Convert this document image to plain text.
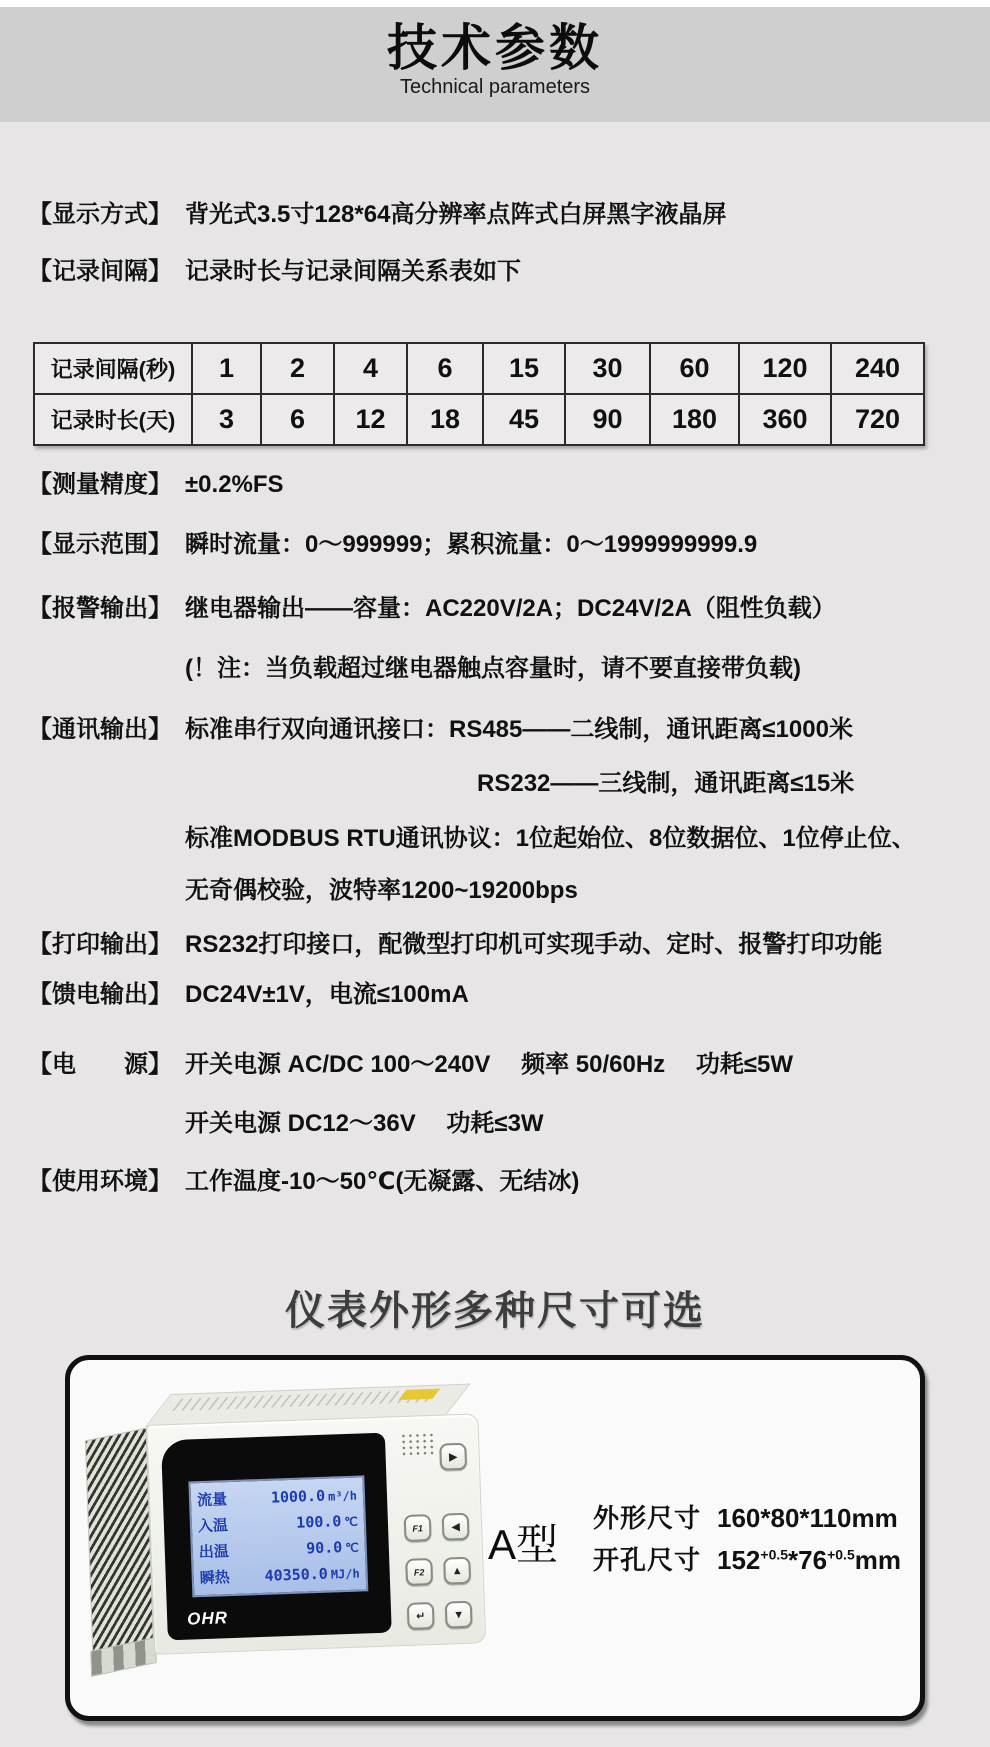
技术参数
Technical parameters
【显示方式】 背光式3.5寸128*64高分辨率点阵式白屏黑字液晶屏
【记录间隔】 记录时长与记录间隔关系表如下
记录间隔(秒)	1	2	4	6	15	30	60	120	240
记录时长(天)	3	6	12	18	45	90	180	360	720
【测量精度】 ±0.2%FS
【显示范围】 瞬时流量：0～999999；累积流量：0～1999999999.9
【报警输出】 继电器输出——容量：AC220V/2A；DC24V/2A（阻性负载）
(！注：当负载超过继电器触点容量时，请不要直接带负载)
【通讯输出】 标准串行双向通讯接口：RS485——二线制，通讯距离≤1000米
RS232——三线制，通讯距离≤15米
标准MODBUS RTU通讯协议：1位起始位、8位数据位、1位停止位、
无奇偶校验，波特率1200~19200bps
【打印输出】 RS232打印接口，配微型打印机可实现手动、定时、报警打印功能
【馈电输出】 DC24V±1V，电流≤100mA
【电　　源】 开关电源 AC/DC 100～240V　 频率 50/60Hz　 功耗≤5W
开关电源 DC12～36V　 功耗≤3W
【使用环境】 工作温度-10～50℃(无凝露、无结冰)
仪表外形多种尺寸可选
流量	1000.0 m³/h
入温	100.0 ℃
出温	90.0 ℃
瞬热	40350.0 MJ/h
OHR
▶
◀
▲
▼
F1
F2
↵
A型
外形尺寸 160*80*110mm
开孔尺寸 $152^{+0.5}*76^{+0.5}mm$
